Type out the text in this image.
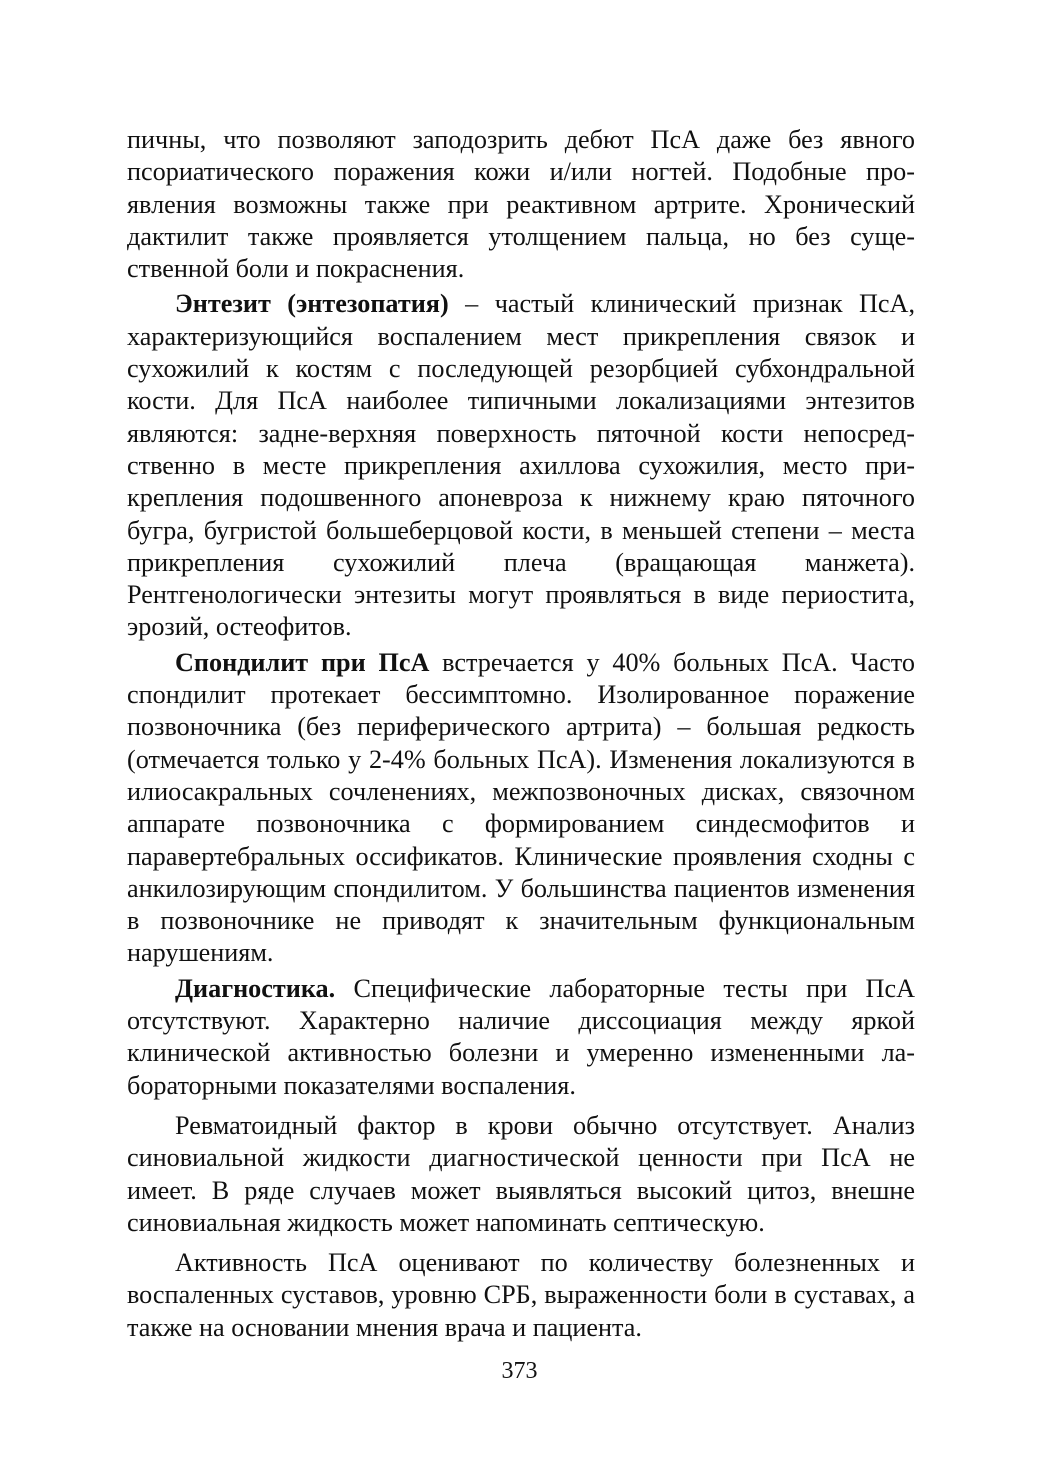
пичны, что позволяют заподозрить дебют ПсА даже без явного псориатического поражения кожи и/или ногтей. Подобные проявления возможны также при реактивном артрите. Хронический дактилит также проявляется утолщением пальца, но без существенной боли и покраснения.

Энтезит (энтезопатия) – частый клинический признак ПсА, характеризующийся воспалением мест прикрепления связок и сухожилий к костям с последующей резорбцией субхондральной кости. Для ПсА наиболее типичными локализациями энтезитов являются: задне-верхняя поверхность пяточной кости непосредственно в месте прикрепления ахиллова сухожилия, место прикрепления подошвенного апоневроза к нижнему краю пяточного бугра, бугристой большеберцовой кости, в меньшей степени – места прикрепления сухожилий плеча (вращающая манжета). Рентгенологически энтезиты могут проявляться в виде периостита, эрозий, остеофитов.

Спондилит при ПсА встречается у 40% больных ПсА. Часто спондилит протекает бессимптомно. Изолированное поражение позвоночника (без периферического артрита) – большая редкость (отмечается только у 2-4% больных ПсА). Изменения локализуются в илиосакральных сочленениях, межпозвоночных дисках, связочном аппарате позвоночника с формированием синдесмофитов и паравертебральных оссификатов. Клинические проявления сходны с анкилозирующим спондилитом. У большинства пациентов изменения в позвоночнике не приводят к значительным функциональным нарушениям.

Диагностика. Специфические лабораторные тесты при ПсА отсутствуют. Характерно наличие диссоциация между яркой клинической активностью болезни и умеренно измененными лабораторными показателями воспаления.

Ревматоидный фактор в крови обычно отсутствует. Анализ синовиальной жидкости диагностической ценности при ПсА не имеет. В ряде случаев может выявляться высокий цитоз, внешне синовиальная жидкость может напоминать септическую.

Активность ПсА оценивают по количеству болезненных и воспаленных суставов, уровню СРБ, выраженности боли в суставах, а также на основании мнения врача и пациента.

373
